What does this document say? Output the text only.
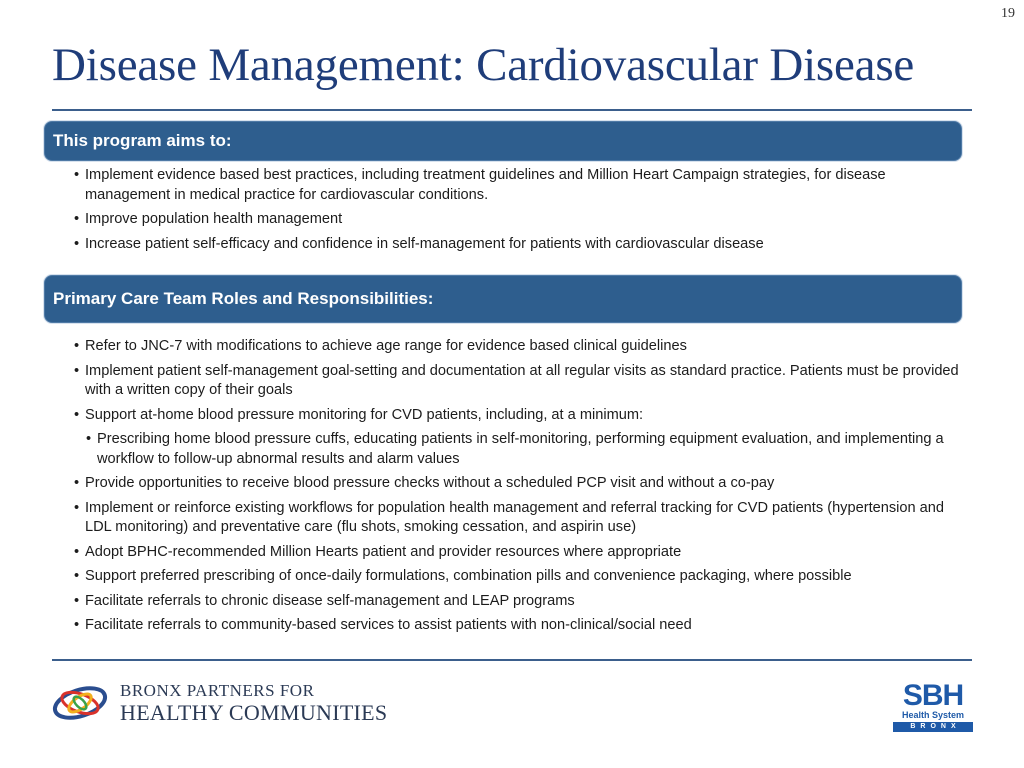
19
Disease Management: Cardiovascular Disease
This program aims to:
• Implement evidence based best practices, including treatment guidelines and Million Heart Campaign strategies, for disease management in medical practice for cardiovascular conditions.
• Improve population health management
• Increase patient self-efficacy and confidence in self-management for patients with cardiovascular disease
Primary Care Team Roles and Responsibilities:
• Refer to JNC-7 with modifications to achieve age range for evidence based clinical guidelines
• Implement patient self-management goal-setting and documentation at all regular visits as standard practice. Patients must be provided with a written copy of their goals
• Support at-home blood pressure monitoring for CVD patients, including, at a minimum:
• Prescribing home blood pressure cuffs, educating patients in self-monitoring, performing equipment evaluation, and implementing a workflow to follow-up abnormal results and alarm values
• Provide opportunities to receive blood pressure checks without a scheduled PCP visit and without a co-pay
• Implement or reinforce existing workflows for population health management and referral tracking for CVD patients (hypertension and LDL monitoring) and preventative care (flu shots, smoking cessation, and aspirin use)
• Adopt BPHC-recommended Million Hearts patient and provider resources where appropriate
• Support preferred prescribing of once-daily formulations, combination pills and convenience packaging, where possible
• Facilitate referrals to chronic disease self-management and LEAP programs
• Facilitate referrals to community-based services to assist patients with non-clinical/social need
BRONX PARTNERS FOR
HEALTHY COMMUNITIES
SBH
Health System
BRONX
